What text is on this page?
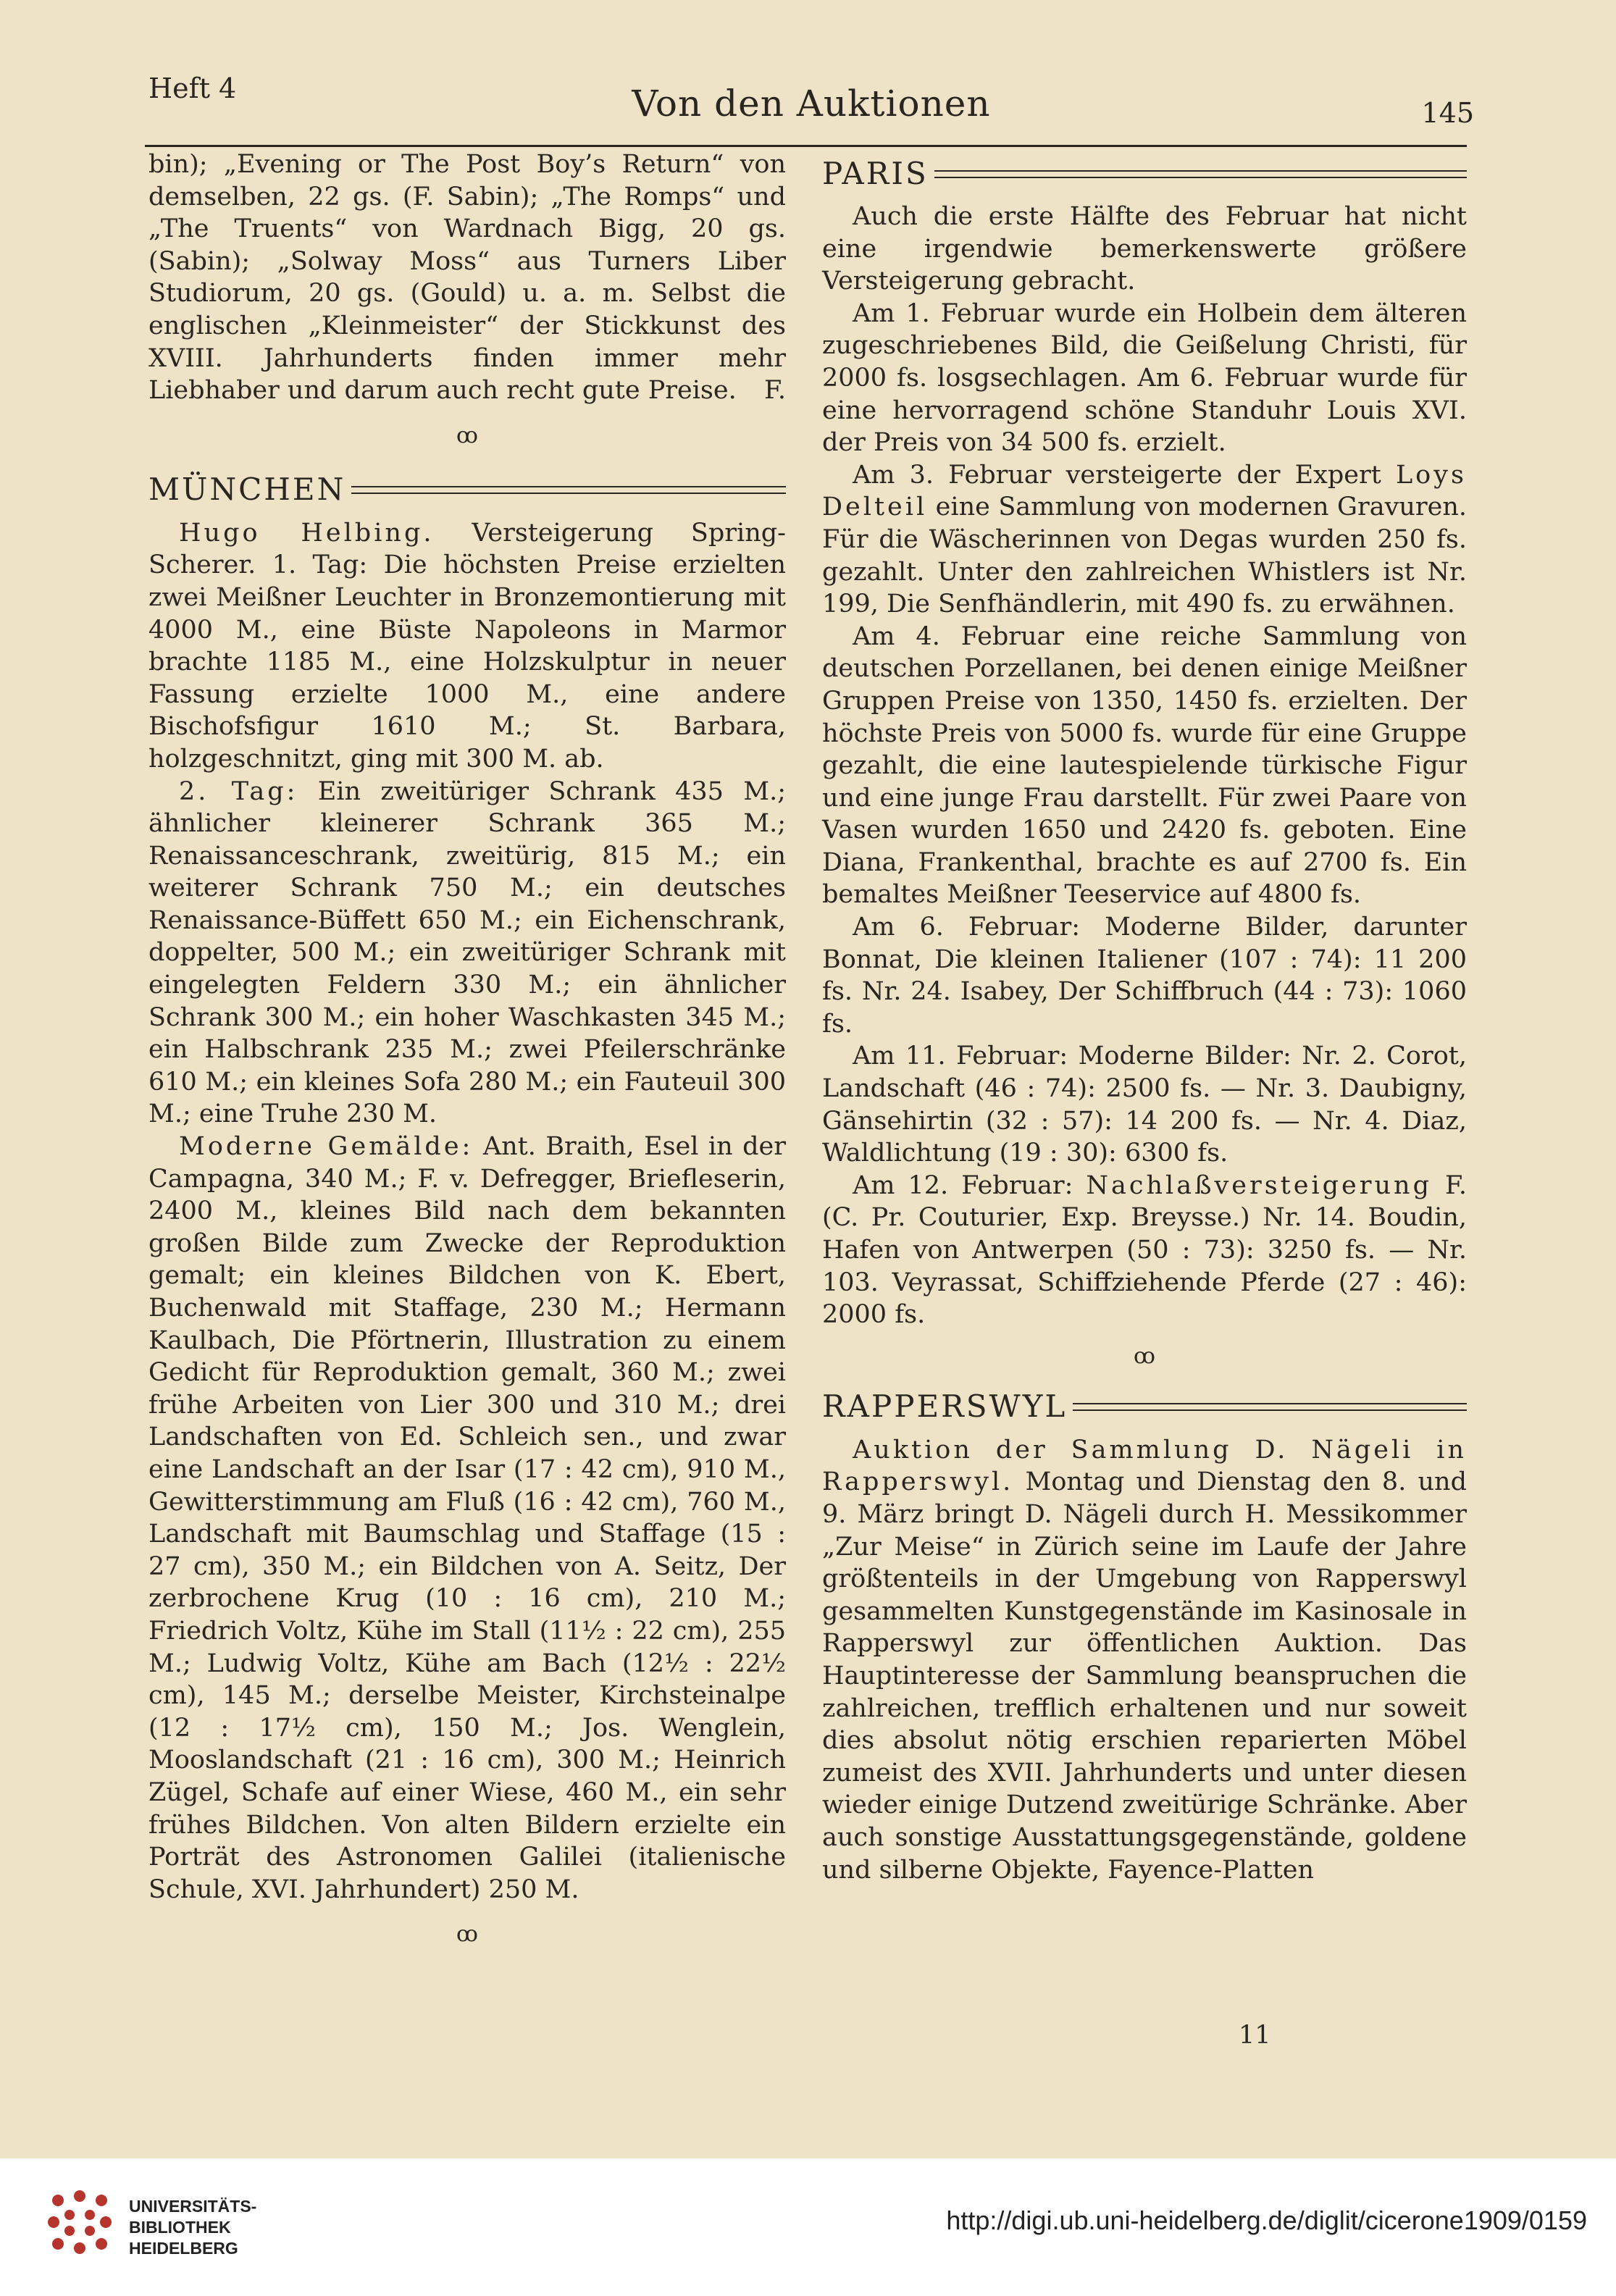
Heft 4	Von den Auktionen	145

bin); „Evening or The Post Boy’s Return“ von demselben, 22 gs. (F. Sabin); „The Romps“ und „The Truents“ von Wardnach Bigg, 20 gs. (Sabin); „Solway Moss“ aus Turners Liber Studiorum, 20 gs. (Gould) u. a. m. Selbst die englischen „Kleinmeister“ der Stickkunst des XVIII. Jahrhunderts finden immer mehr Liebhaber und darum auch recht gute Preise. F.

ꝏ
MÜNCHEN

Hugo Helbing. Versteigerung Spring-Scherer. 1. Tag: Die höchsten Preise erzielten zwei Meißner Leuchter in Bronzemontierung mit 4000 M., eine Büste Napoleons in Marmor brachte 1185 M., eine Holzskulptur in neuer Fassung erzielte 1000 M., eine andere Bischofsfigur 1610 M.; St. Barbara, holzgeschnitzt, ging mit 300 M. ab.

2. Tag: Ein zweitüriger Schrank 435 M.; ähnlicher kleinerer Schrank 365 M.; Renaissanceschrank, zweitürig, 815 M.; ein weiterer Schrank 750 M.; ein deutsches Renaissance-Büffett 650 M.; ein Eichenschrank, doppelter, 500 M.; ein zweitüriger Schrank mit eingelegten Feldern 330 M.; ein ähnlicher Schrank 300 M.; ein hoher Waschkasten 345 M.; ein Halbschrank 235 M.; zwei Pfeilerschränke 610 M.; ein kleines Sofa 280 M.; ein Fauteuil 300 M.; eine Truhe 230 M.

Moderne Gemälde: Ant. Braith, Esel in der Campagna, 340 M.; F. v. Defregger, Briefleserin, 2400 M., kleines Bild nach dem bekannten großen Bilde zum Zwecke der Reproduktion gemalt; ein kleines Bildchen von K. Ebert, Buchenwald mit Staffage, 230 M.; Hermann Kaulbach, Die Pförtnerin, Illustration zu einem Gedicht für Reproduktion gemalt, 360 M.; zwei frühe Arbeiten von Lier 300 und 310 M.; drei Landschaften von Ed. Schleich sen., und zwar eine Landschaft an der Isar (17 : 42 cm), 910 M., Gewitterstimmung am Fluß (16 : 42 cm), 760 M., Landschaft mit Baumschlag und Staffage (15 : 27 cm), 350 M.; ein Bildchen von A. Seitz, Der zerbrochene Krug (10 : 16 cm), 210 M.; Friedrich Voltz, Kühe im Stall (11½ : 22 cm), 255 M.; Ludwig Voltz, Kühe am Bach (12½ : 22½ cm), 145 M.; derselbe Meister, Kirchsteinalpe (12 : 17½ cm), 150 M.; Jos. Wenglein, Mooslandschaft (21 : 16 cm), 300 M.; Heinrich Zügel, Schafe auf einer Wiese, 460 M., ein sehr frühes Bildchen. Von alten Bildern erzielte ein Porträt des Astronomen Galilei (italienische Schule, XVI. Jahrhundert) 250 M.

ꝏ
PARIS

Auch die erste Hälfte des Februar hat nicht eine irgendwie bemerkenswerte größere Versteigerung gebracht.

Am 1. Februar wurde ein Holbein dem älteren zugeschriebenes Bild, die Geißelung Christi, für 2000 fs. losgsechlagen. Am 6. Februar wurde für eine hervorragend schöne Standuhr Louis XVI. der Preis von 34 500 fs. erzielt.

Am 3. Februar versteigerte der Expert Loys Delteil eine Sammlung von modernen Gravuren. Für die Wäscherinnen von Degas wurden 250 fs. gezahlt. Unter den zahlreichen Whistlers ist Nr. 199, Die Senfhändlerin, mit 490 fs. zu erwähnen.

Am 4. Februar eine reiche Sammlung von deutschen Porzellanen, bei denen einige Meißner Gruppen Preise von 1350, 1450 fs. erzielten. Der höchste Preis von 5000 fs. wurde für eine Gruppe gezahlt, die eine lautespielende türkische Figur und eine junge Frau darstellt. Für zwei Paare von Vasen wurden 1650 und 2420 fs. geboten. Eine Diana, Frankenthal, brachte es auf 2700 fs. Ein bemaltes Meißner Teeservice auf 4800 fs.

Am 6. Februar: Moderne Bilder, darunter Bonnat, Die kleinen Italiener (107 : 74): 11 200 fs. Nr. 24. Isabey, Der Schiffbruch (44 : 73): 1060 fs.

Am 11. Februar: Moderne Bilder: Nr. 2. Corot, Landschaft (46 : 74): 2500 fs. — Nr. 3. Daubigny, Gänsehirtin (32 : 57): 14 200 fs. — Nr. 4. Diaz, Waldlichtung (19 : 30): 6300 fs.

Am 12. Februar: Nachlaßversteigerung F. (C. Pr. Couturier, Exp. Breysse.) Nr. 14. Boudin, Hafen von Antwerpen (50 : 73): 3250 fs. — Nr. 103. Veyrassat, Schiffziehende Pferde (27 : 46): 2000 fs.

ꝏ
RAPPERSWYL

Auktion der Sammlung D. Nägeli in Rapperswyl. Montag und Dienstag den 8. und 9. März bringt D. Nägeli durch H. Messikommer „Zur Meise“ in Zürich seine im Laufe der Jahre größtenteils in der Umgebung von Rapperswyl gesammelten Kunstgegenstände im Kasinosale in Rapperswyl zur öffentlichen Auktion. Das Hauptinteresse der Sammlung beanspruchen die zahlreichen, trefflich erhaltenen und nur soweit dies absolut nötig erschien reparierten Möbel zumeist des XVII. Jahrhunderts und unter diesen wieder einige Dutzend zweitürige Schränke. Aber auch sonstige Ausstattungsgegenstände, goldene und silberne Objekte, Fayence-Platten

11
UNIVERSITÄTS-
BIBLIOTHEK
HEIDELBERG
http://digi.ub.uni-heidelberg.de/diglit/cicerone1909/0159
